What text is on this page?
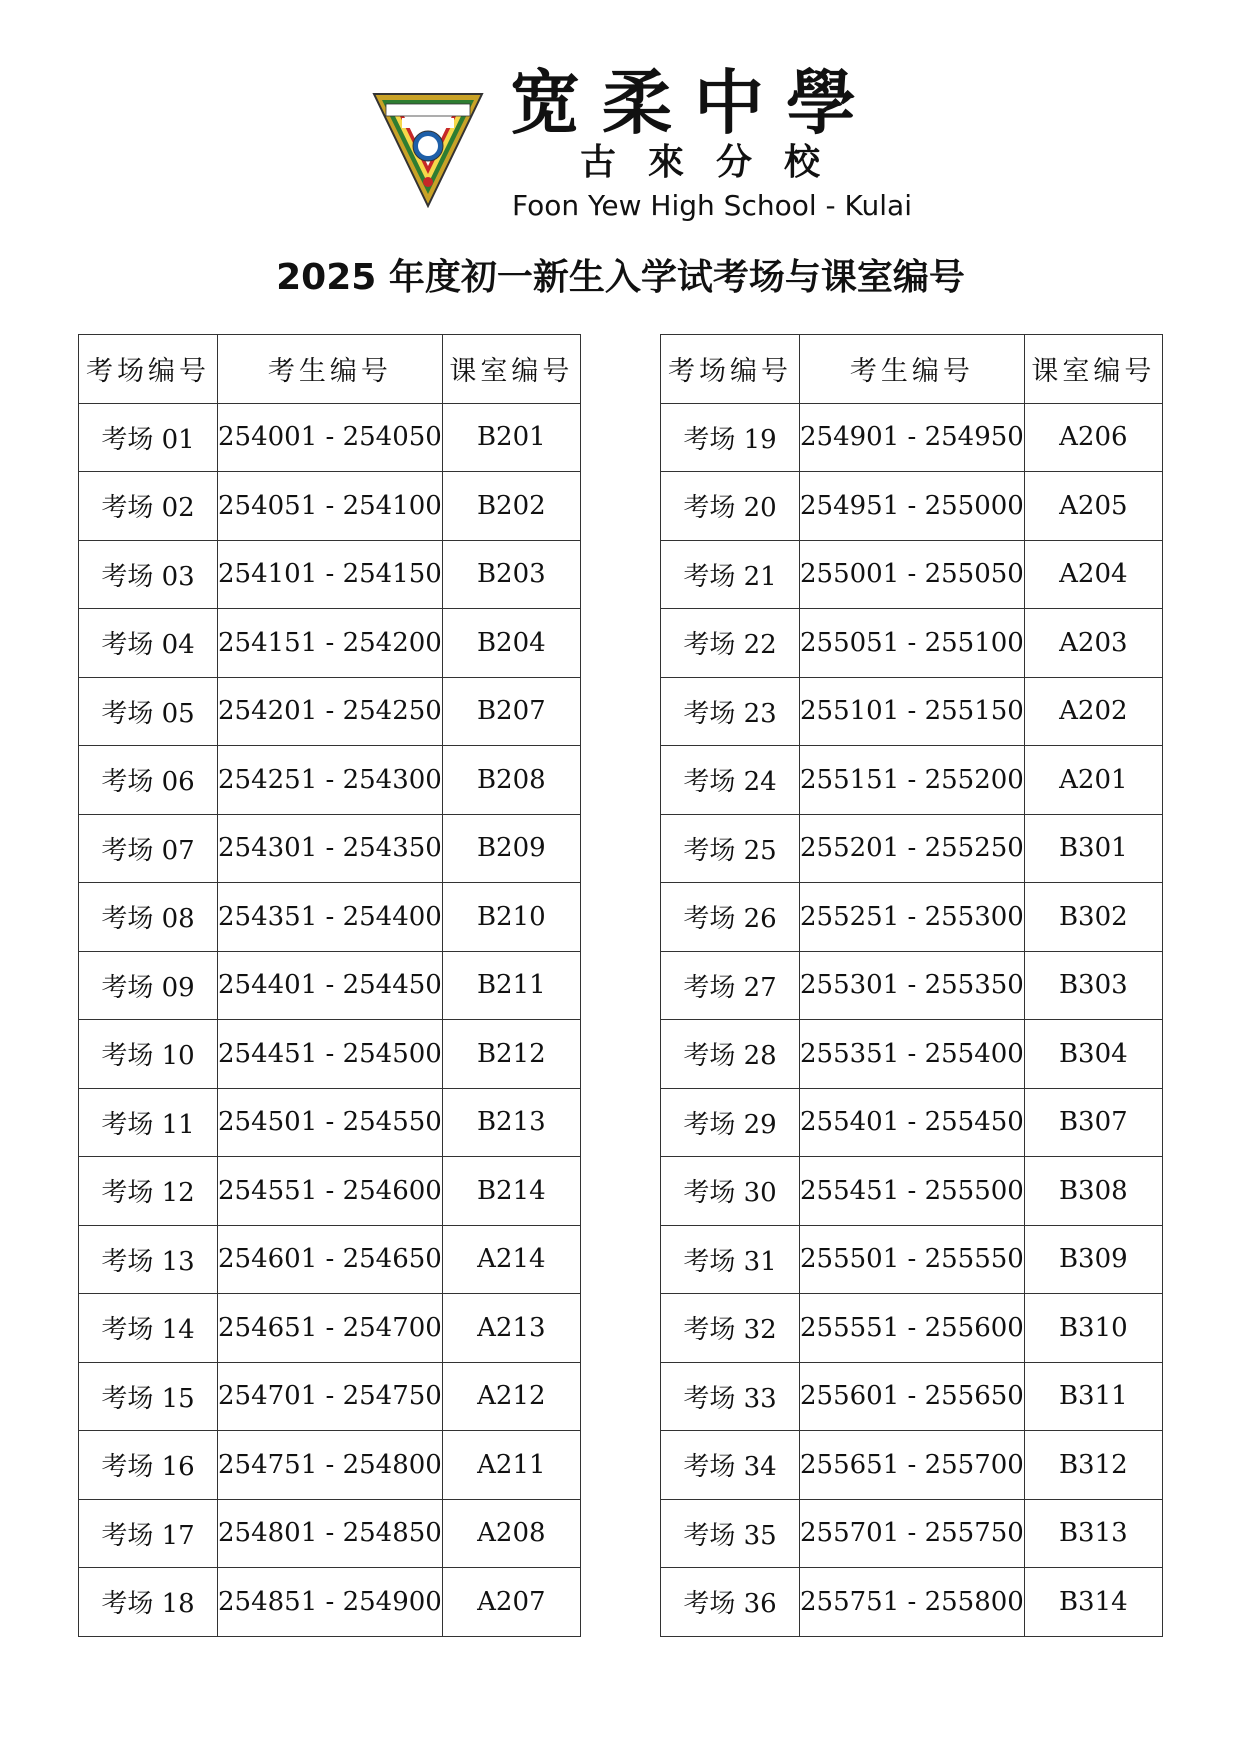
宽柔中學
古來分校
Foon Yew High School - Kulai
2025 年度初一新生入学试考场与课室编号
考场编号	考生编号	课室编号
考场 01	254001 - 254050	B201
考场 02	254051 - 254100	B202
考场 03	254101 - 254150	B203
考场 04	254151 - 254200	B204
考场 05	254201 - 254250	B207
考场 06	254251 - 254300	B208
考场 07	254301 - 254350	B209
考场 08	254351 - 254400	B210
考场 09	254401 - 254450	B211
考场 10	254451 - 254500	B212
考场 11	254501 - 254550	B213
考场 12	254551 - 254600	B214
考场 13	254601 - 254650	A214
考场 14	254651 - 254700	A213
考场 15	254701 - 254750	A212
考场 16	254751 - 254800	A211
考场 17	254801 - 254850	A208
考场 18	254851 - 254900	A207
考场编号	考生编号	课室编号
考场 19	254901 - 254950	A206
考场 20	254951 - 255000	A205
考场 21	255001 - 255050	A204
考场 22	255051 - 255100	A203
考场 23	255101 - 255150	A202
考场 24	255151 - 255200	A201
考场 25	255201 - 255250	B301
考场 26	255251 - 255300	B302
考场 27	255301 - 255350	B303
考场 28	255351 - 255400	B304
考场 29	255401 - 255450	B307
考场 30	255451 - 255500	B308
考场 31	255501 - 255550	B309
考场 32	255551 - 255600	B310
考场 33	255601 - 255650	B311
考场 34	255651 - 255700	B312
考场 35	255701 - 255750	B313
考场 36	255751 - 255800	B314
